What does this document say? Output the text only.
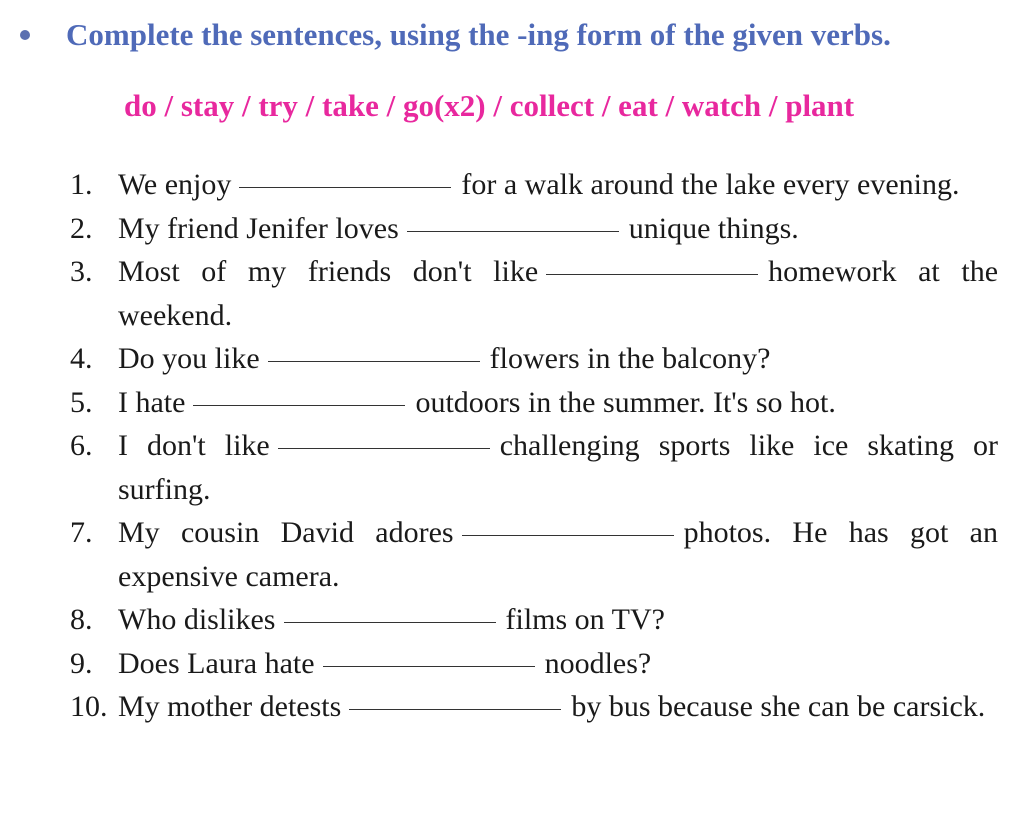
Complete the sentences, using the -ing form of the given verbs.
do / stay / try / take / go(x2) / collect / eat / watch / plant
1. We enjoy	for a walk around the lake every evening.
2. My friend Jenifer loves	unique things.
3. Most of my friends don't like	homework at the weekend.
4. Do you like	flowers in the balcony?
5. I hate	outdoors in the summer. It's so hot.
6. I don't like	challenging sports like ice skating or surfing.
7. My cousin David adores	photos. He has got an expensive camera.
8. Who dislikes	films on TV?
9. Does Laura hate	noodles?
10. My mother detests	by bus because she can be carsick.
